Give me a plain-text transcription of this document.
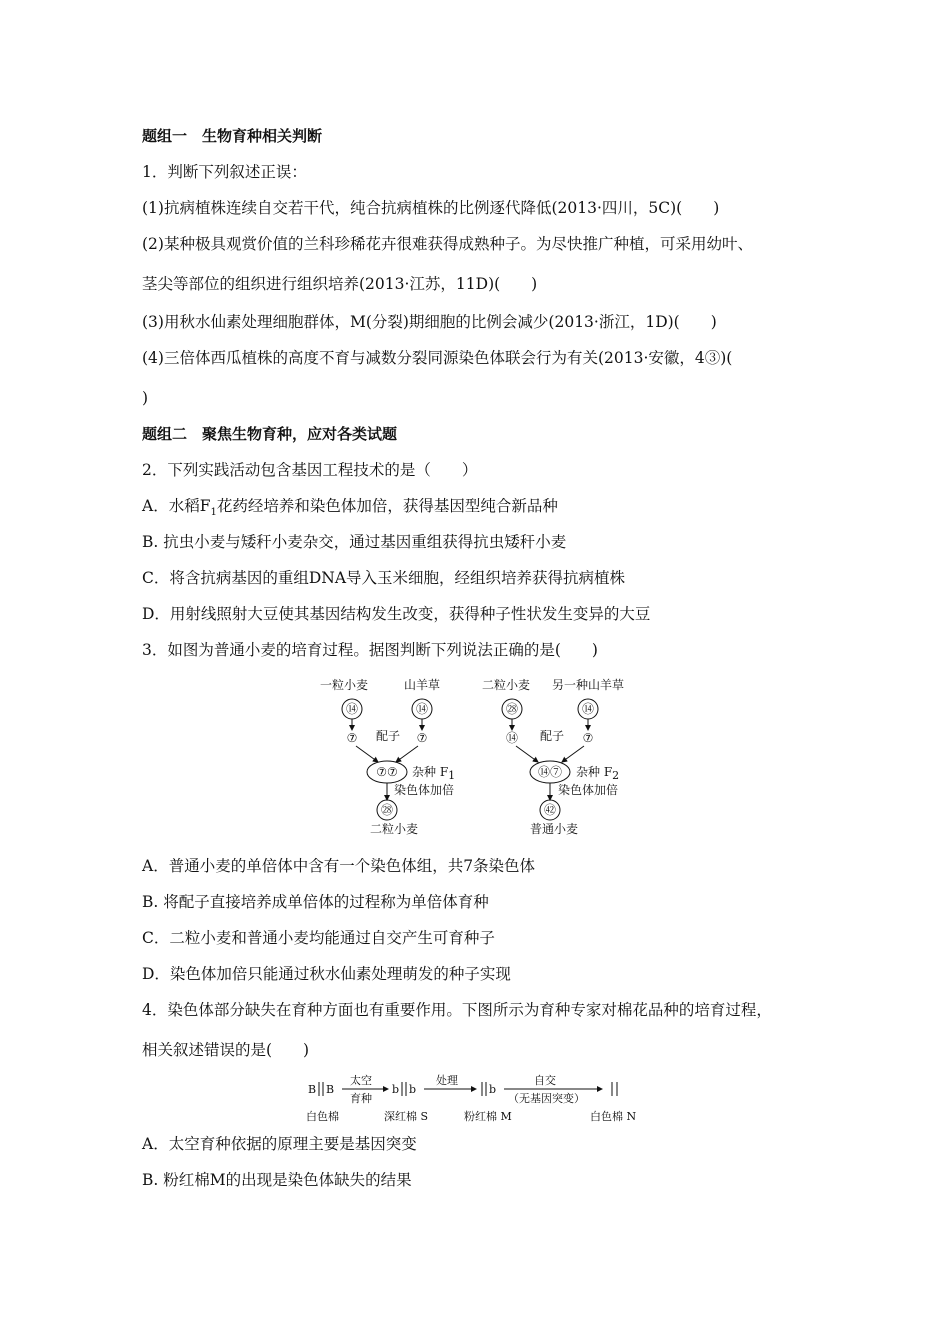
题组一　生物育种相关判断
1．判断下列叙述正误：
(1)抗病植株连续自交若干代，纯合抗病植株的比例逐代降低(2013·四川，5C)(　　)
(2)某种极具观赏价值的兰科珍稀花卉很难获得成熟种子。为尽快推广种植，可采用幼叶、
茎尖等部位的组织进行组织培养(2013·江苏，11D)(　　)
(3)用秋水仙素处理细胞群体，M(分裂)期细胞的比例会减少(2013·浙江，1D)(　　)
(4)三倍体西瓜植株的高度不育与减数分裂同源染色体联会行为有关(2013·安徽，4③)(
)
题组二　聚焦生物育种，应对各类试题
2．下列实践活动包含基因工程技术的是（　　）
A．水稻$F_1$花药经培养和染色体加倍，获得基因型纯合新品种
B. 抗虫小麦与矮秆小麦杂交，通过基因重组获得抗虫矮秆小麦
C．将含抗病基因的重组DNA导入玉米细胞，经组织培养获得抗病植株
D．用射线照射大豆使其基因结构发生改变，获得种子性状发生变异的大豆
3．如图为普通小麦的培育过程。据图判断下列说法正确的是(　　)
一粒小麦	山羊草
⑭	⑭
⑦	⑦
配子
⑦⑦ 杂种 F1
染色体加倍
㉘
二粒小麦
二粒小麦 另一种山羊草
㉘	⑭
⑭	⑦
配子
⑭⑦ 杂种 F2
染色体加倍
㊷
普通小麦
A．普通小麦的单倍体中含有一个染色体组，共7条染色体
B. 将配子直接培养成单倍体的过程称为单倍体育种
C．二粒小麦和普通小麦均能通过自交产生可育种子
D．染色体加倍只能通过秋水仙素处理萌发的种子实现
4．染色体部分缺失在育种方面也有重要作用。下图所示为育种专家对棉花品种的培育过程，
相关叙述错误的是(　　)
B B
太空
育种
b b
处理
b
自交
（无基因突变）
白色棉	深红棉 S	粉红棉 M	白色棉 N
A．太空育种依据的原理主要是基因突变
B. 粉红棉M的出现是染色体缺失的结果
